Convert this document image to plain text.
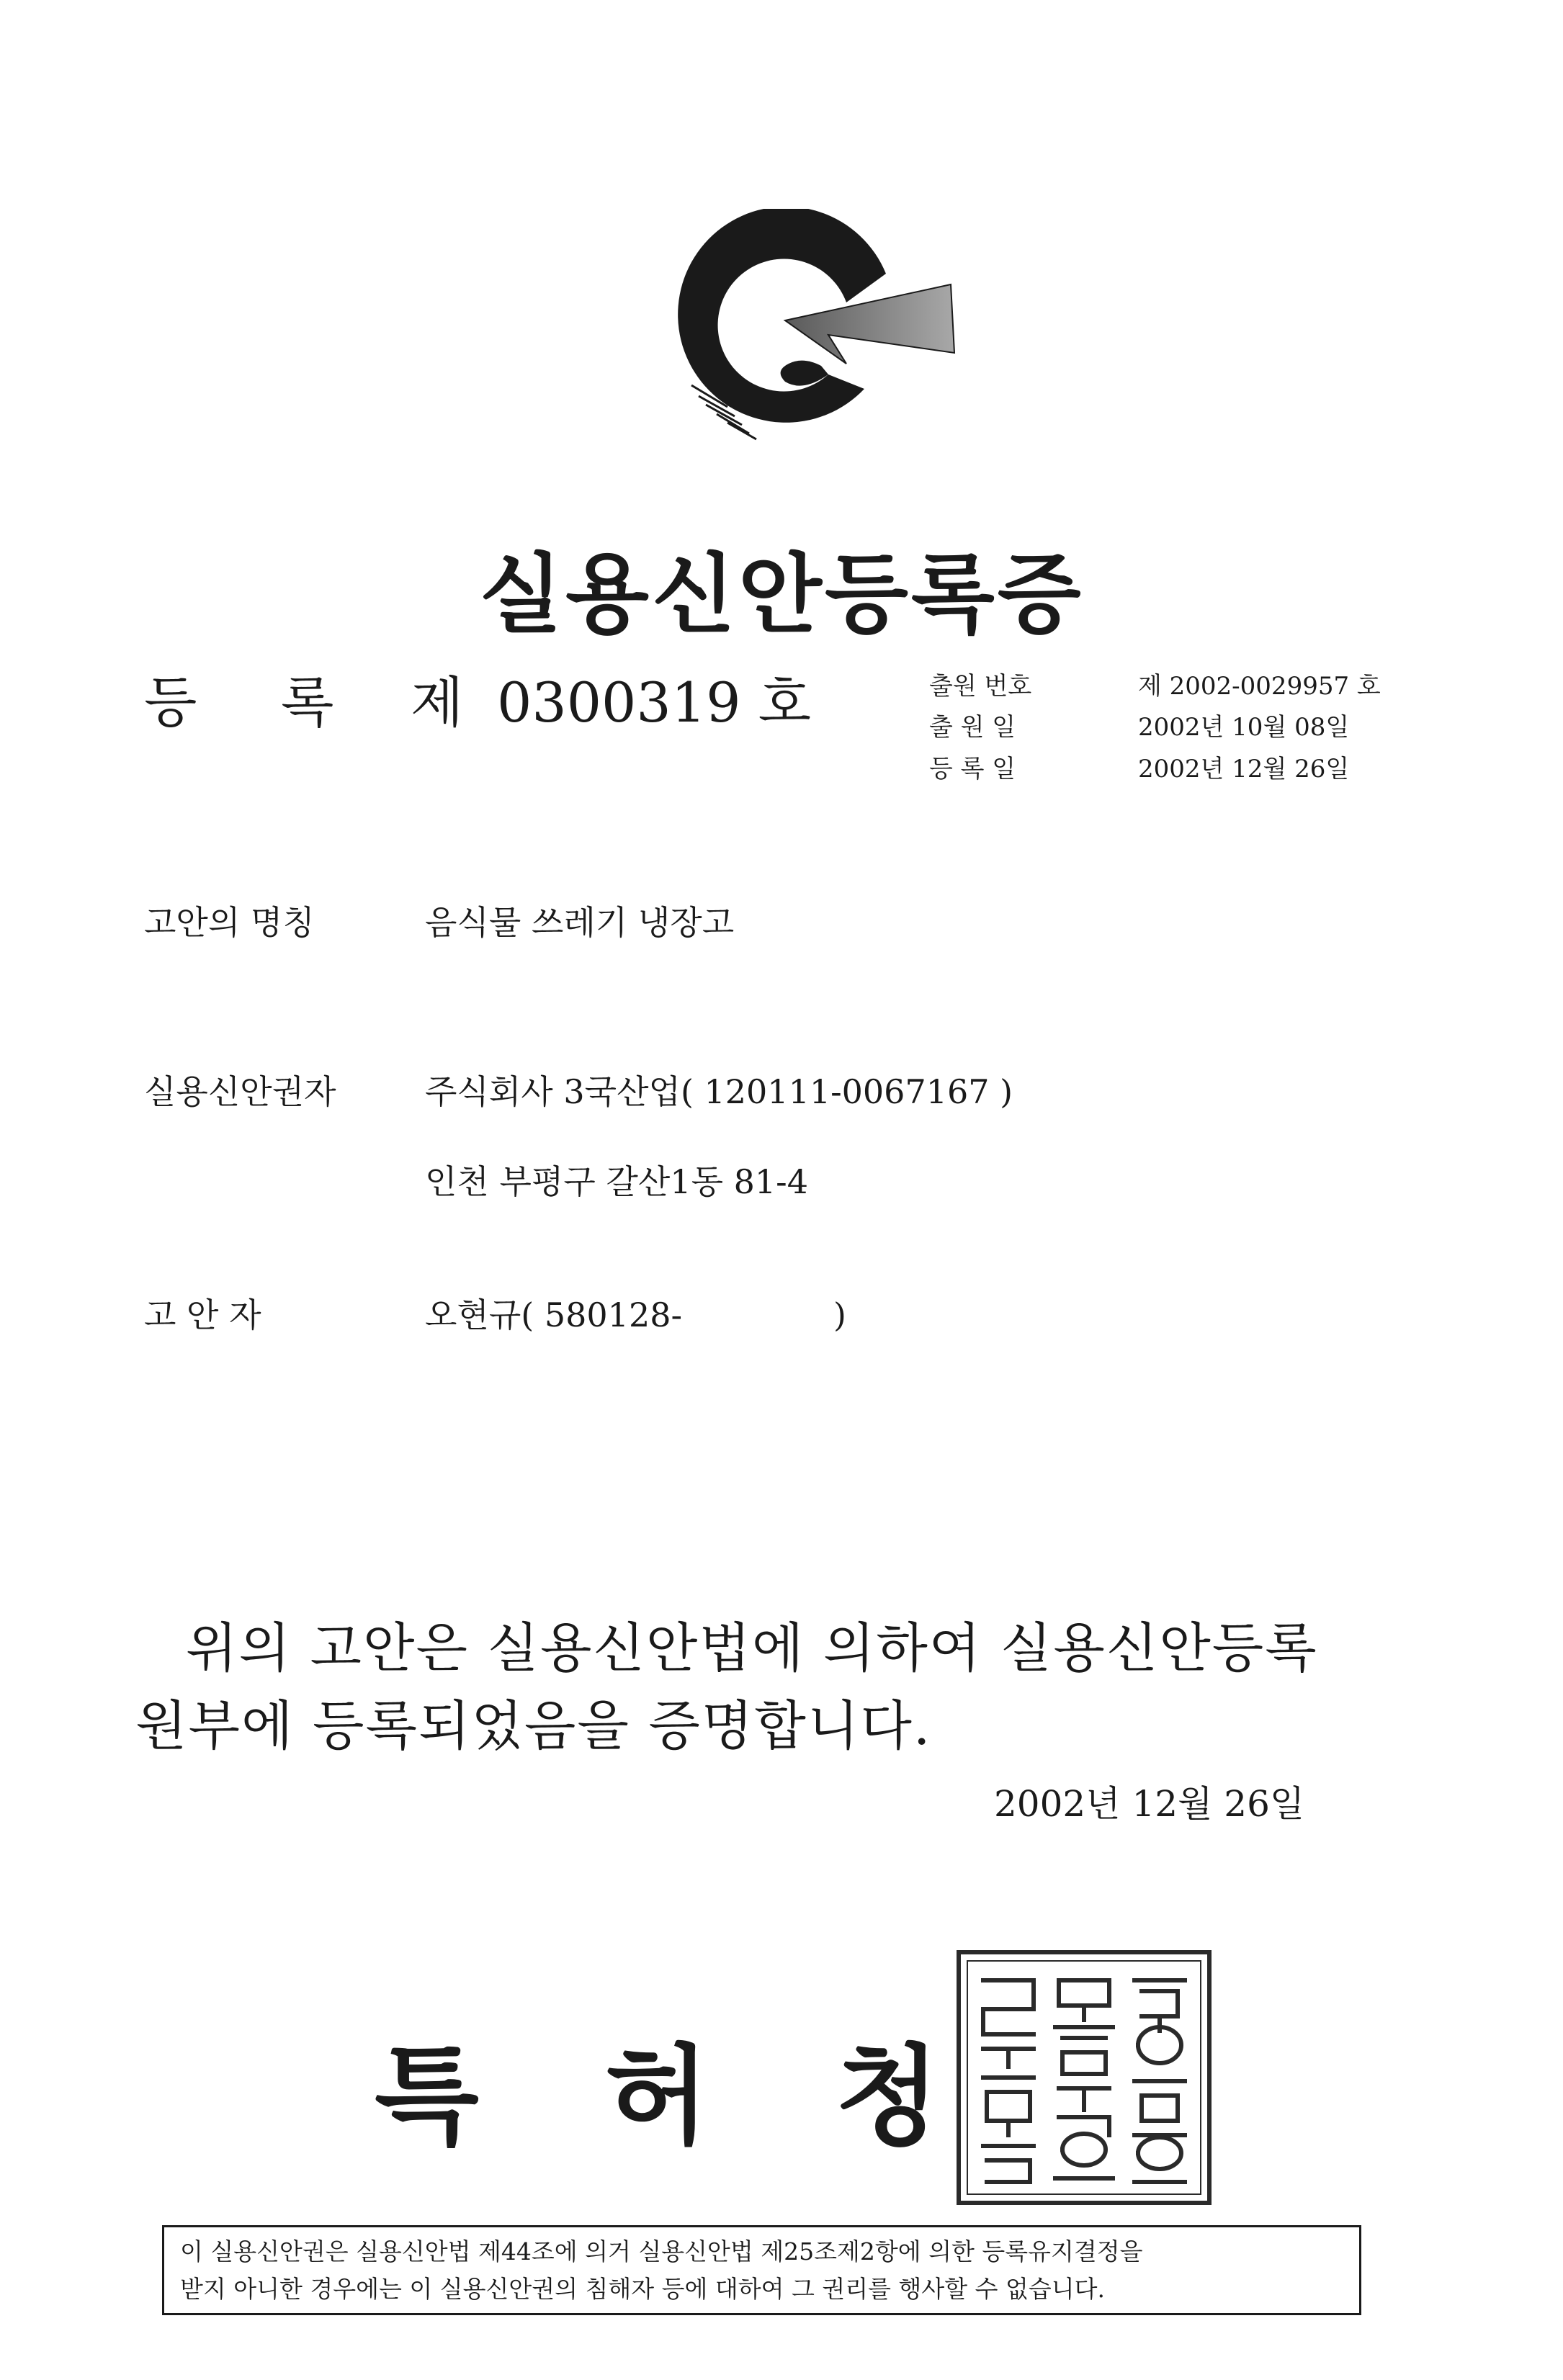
실용신안등록증
등 록 제 0300319 호	출원 번호	제 2002-0029957 호
출 원 일	2002년 10월 08일
등 록 일	2002년 12월 26일
고안의 명칭	음식물 쓰레기 냉장고
실용신안권자	주식회사 3국산업( 120111-0067167 )
인천 부평구 갈산1동 81-4
고 안 자	오현규( 580128-	)
위의 고안은 실용신안법에 의하여 실용신안등록
원부에 등록되었음을 증명합니다.
2002년 12월 26일
특 허 청
이 실용신안권은 실용신안법 제44조에 의거 실용신안법 제25조제2항에 의한 등록유지결정을
받지 아니한 경우에는 이 실용신안권의 침해자 등에 대하여 그 권리를 행사할 수 없습니다.
